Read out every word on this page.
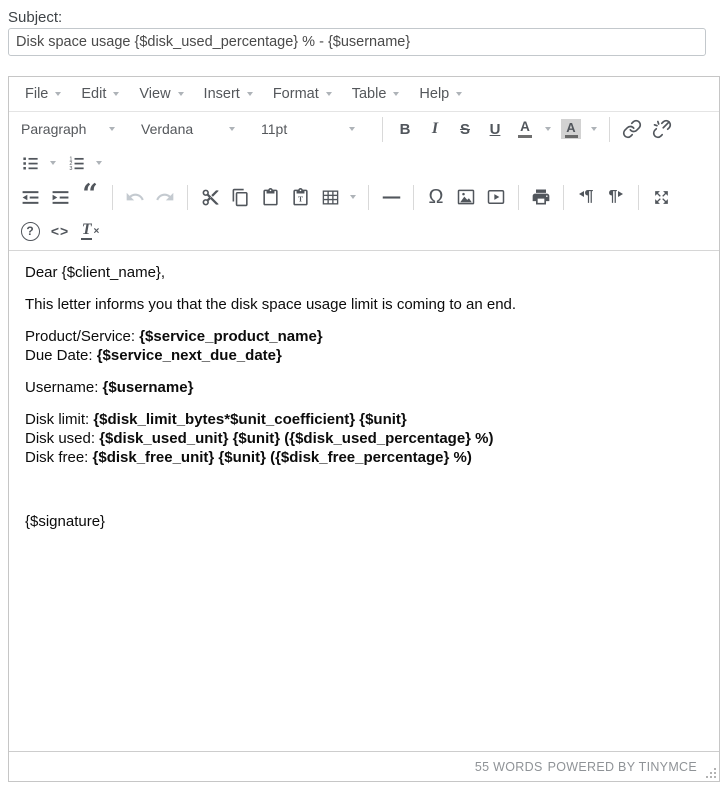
Subject:
Disk space usage {$disk_used_percentage} % - {$username}
File Edit View Insert Format Table Help
Paragraph	Verdana	11pt	B I S U A	A
1
2
3
“	T	Ω	¶ ¶
? <> T ×

Dear {$client_name},

This letter informs you that the disk space usage limit is coming to an end.

Product/Service: {$service_product_name}
Due Date: {$service_next_due_date}

Username: {$username}

Disk limit: {$disk_limit_bytes*$unit_coefficient} {$unit}
Disk used: {$disk_used_unit} {$unit} ({$disk_used_percentage} %)
Disk free: {$disk_free_unit} {$unit} ({$disk_free_percentage} %)

{$signature}

55 WORDS POWERED BY TINYMCE
